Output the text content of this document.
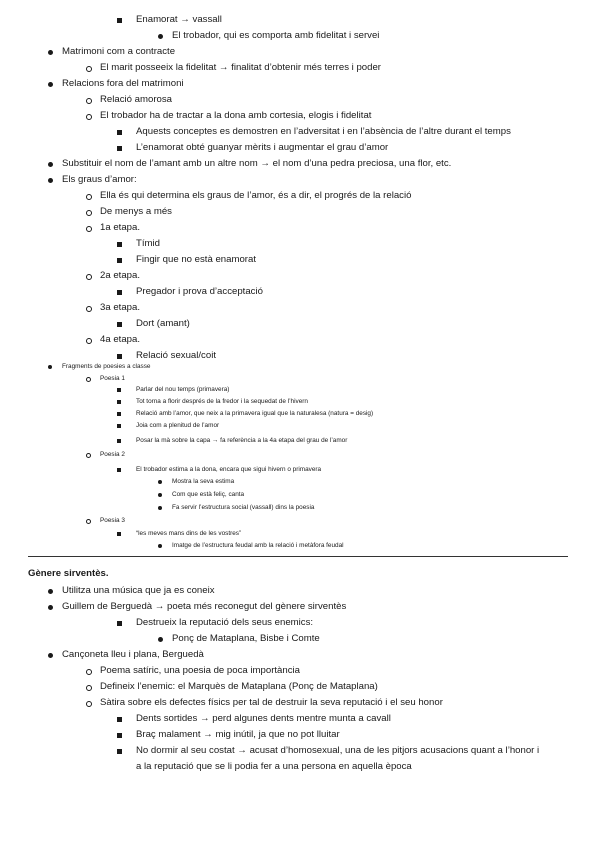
Enamorat → vassall
El trobador, qui es comporta amb fidelitat i servei
Matrimoni com a contracte
El marit posseeix la fidelitat → finalitat d’obtenir més terres i poder
Relacions fora del matrimoni
Relació amorosa
El trobador ha de tractar a la dona amb cortesia, elogis i fidelitat
Aquests conceptes es demostren en l’adversitat i en l’absència de l’altre durant el temps
L’enamorat obté guanyar mèrits i augmentar el grau d’amor
Substituir el nom de l’amant amb un altre nom → el nom d’una pedra preciosa, una flor, etc.
Els graus d’amor:
Ella és qui determina els graus de l’amor, és a dir, el progrés de la relació
De menys a més
1a etapa.
Tímid
Fingir que no està enamorat
2a etapa.
Pregador i prova d’acceptació
3a etapa.
Dort (amant)
4a etapa.
Relació sexual/coit
Fragments de poesies a classe
Poesia 1
Parlar del nou temps (primavera)
Tot torna a florir després de la fredor i la sequedat de l’hivern
Relació amb l’amor, que neix a la primavera igual que la naturalesa (natura = desig)
Joia com a plenitud de l’amor
Posar la mà sobre la capa → fa referència a la 4a etapa del grau de l’amor
Poesia 2
El trobador estima a la dona, encara que sigui hivern o primavera
Mostra la seva estima
Com que està feliç, canta
Fa servir l’estructura social (vassall) dins la poesia
Poesia 3
“les meves mans dins de les vostres”
Imatge de l’estructura feudal amb la relació i metàfora feudal
Gènere sirventès.
Utilitza una música que ja es coneix
Guillem de Berguedà → poeta més reconegut del gènere sirventès
Destrueix la reputació dels seus enemics:
Ponç de Mataplana, Bisbe i Comte
Cançoneta lleu i plana, Berguedà
Poema satíric, una poesia de poca importància
Defineix l’enemic: el Marquès de Mataplana (Ponç de Mataplana)
Sàtira sobre els defectes físics per tal de destruir la seva reputació i el seu honor
Dents sortides → perd algunes dents mentre munta a cavall
Braç malament → mig inútil, ja que no pot lluitar
No dormir al seu costat → acusat d’homosexual, una de les pitjors acusacions quant a l’honor i
a la reputació que se li podia fer a una persona en aquella època
